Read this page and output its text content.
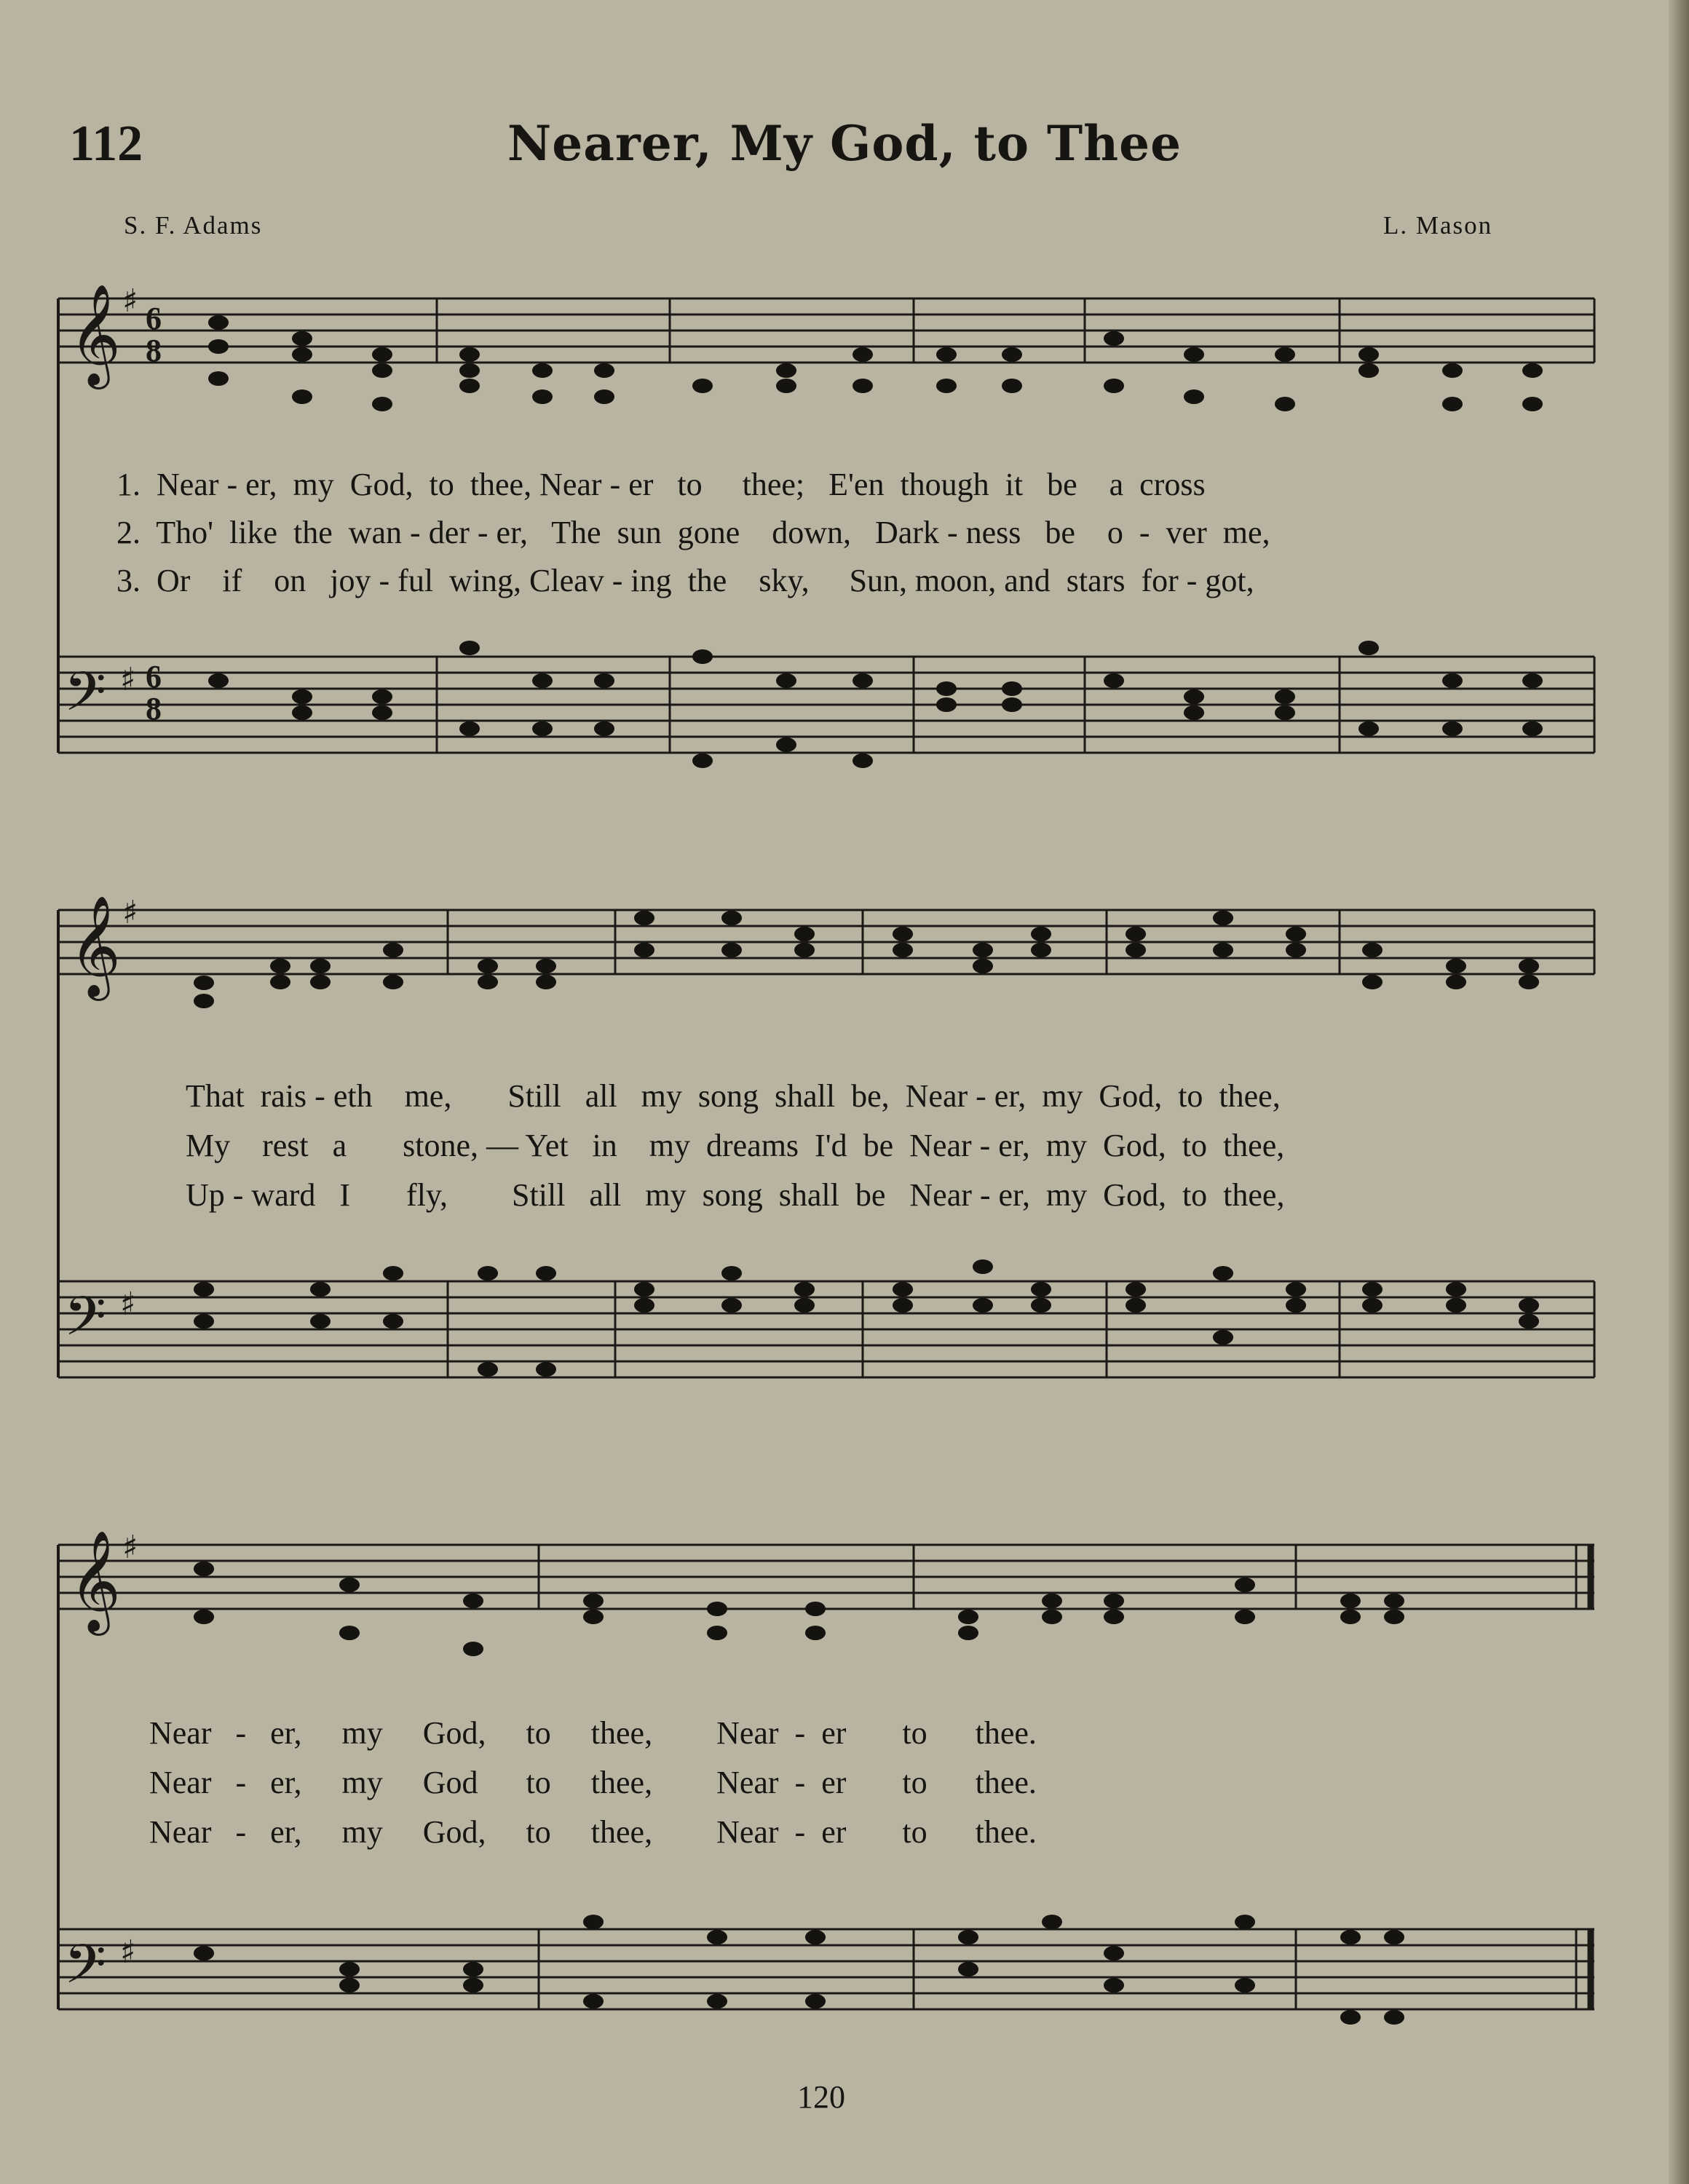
112	Nearer, My God, to Thee
S. F. Adams	L. Mason
𝄞
𝄞
𝄞
𝄢
𝄢
𝄢
♯
♯
♯
♯
♯
♯
6
8
6
8
1.  Near - er,  my  God,  to  thee, Near - er   to     thee;   E'en  though  it   be    a  cross
2.  Tho'  like  the  wan - der - er,   The  sun  gone    down,   Dark - ness   be    o  -  ver  me,
3.  Or    if    on   joy - ful  wing, Cleav - ing  the    sky,     Sun, moon, and  stars  for - got,
That  rais - eth    me,       Still   all   my  song  shall  be,  Near - er,  my  God,  to  thee,
My    rest   a       stone, — Yet   in    my  dreams  I'd  be  Near - er,  my  God,  to  thee,
Up - ward   I       fly,        Still   all   my  song  shall  be   Near - er,  my  God,  to  thee,
Near   -   er,     my     God,     to     thee,        Near  -  er       to      thee.
Near   -   er,     my     God      to     thee,        Near  -  er       to      thee.
Near   -   er,     my     God,     to     thee,        Near  -  er       to      thee.
120
